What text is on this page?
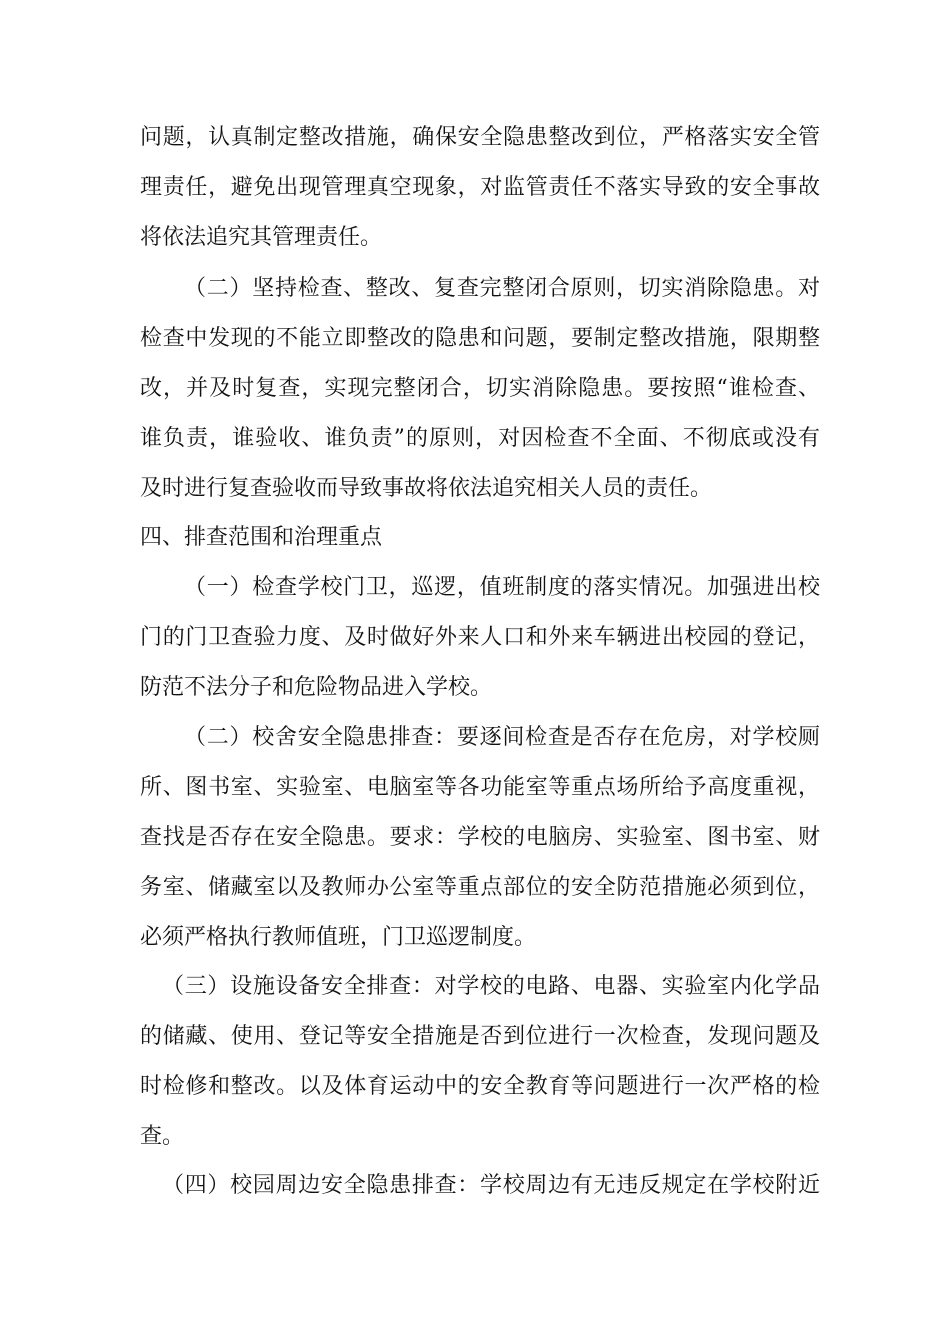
问题，认真制定整改措施，确保安全隐患整改到位，严格落实安全管
理责任，避免出现管理真空现象，对监管责任不落实导致的安全事故
将依法追究其管理责任。
（二）坚持检查、整改、复查完整闭合原则，切实消除隐患。对
检查中发现的不能立即整改的隐患和问题，要制定整改措施，限期整
改，并及时复查，实现完整闭合，切实消除隐患。要按照“谁检查、
谁负责，谁验收、谁负责”的原则，对因检查不全面、不彻底或没有
及时进行复查验收而导致事故将依法追究相关人员的责任。
四、排查范围和治理重点
（一）检查学校门卫，巡逻，值班制度的落实情况。加强进出校
门的门卫查验力度、及时做好外来人口和外来车辆进出校园的登记，
防范不法分子和危险物品进入学校。
（二）校舍安全隐患排查：要逐间检查是否存在危房，对学校厕
所、图书室、实验室、电脑室等各功能室等重点场所给予高度重视，
查找是否存在安全隐患。要求：学校的电脑房、实验室、图书室、财
务室、储藏室以及教师办公室等重点部位的安全防范措施必须到位，
必须严格执行教师值班，门卫巡逻制度。
（三）设施设备安全排查：对学校的电路、电器、实验室内化学品
的储藏、使用、登记等安全措施是否到位进行一次检查，发现问题及
时检修和整改。以及体育运动中的安全教育等问题进行一次严格的检
查。
（四）校园周边安全隐患排查：学校周边有无违反规定在学校附近
